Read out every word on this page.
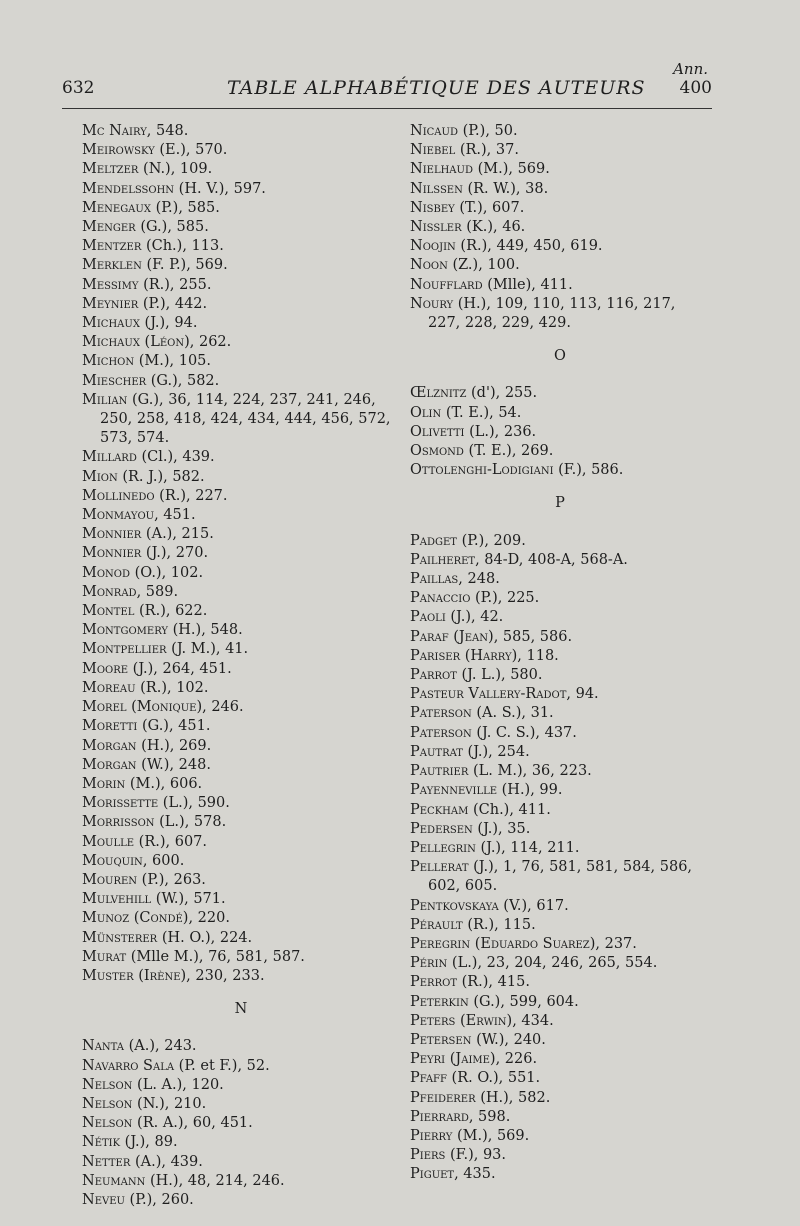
632	TABLE ALPHABÉTIQUE DES AUTEURS
Ann.
400
Mc Nairy, 548.
Meirowsky (E.), 570.
Meltzer (N.), 109.
Mendelssohn (H. V.), 597.
Menegaux (P.), 585.
Menger (G.), 585.
Mentzer (Ch.), 113.
Merklen (F. P.), 569.
Messimy (R.), 255.
Meynier (P.), 442.
Michaux (J.), 94.
Michaux (Léon), 262.
Michon (M.), 105.
Miescher (G.), 582.
Milian (G.), 36, 114, 224, 237, 241, 246, 250, 258, 418, 424, 434, 444, 456, 572, 573, 574.
Millard (Cl.), 439.
Mion (R. J.), 582.
Mollinedo (R.), 227.
Monmayou, 451.
Monnier (A.), 215.
Monnier (J.), 270.
Monod (O.), 102.
Monrad, 589.
Montel (R.), 622.
Montgomery (H.), 548.
Montpellier (J. M.), 41.
Moore (J.), 264, 451.
Moreau (R.), 102.
Morel (Monique), 246.
Moretti (G.), 451.
Morgan (H.), 269.
Morgan (W.), 248.
Morin (M.), 606.
Morissette (L.), 590.
Morrisson (L.), 578.
Moulle (R.), 607.
Mouquin, 600.
Mouren (P.), 263.
Mulvehill (W.), 571.
Munoz (Condé), 220.
Münsterer (H. O.), 224.
Murat (Mlle M.), 76, 581, 587.
Muster (Irène), 230, 233.
N
Nanta (A.), 243.
Navarro Sala (P. et F.), 52.
Nelson (L. A.), 120.
Nelson (N.), 210.
Nelson (R. A.), 60, 451.
Nétik (J.), 89.
Netter (A.), 439.
Neumann (H.), 48, 214, 246.
Neveu (P.), 260.
Nicaud (P.), 50.
Niebel (R.), 37.
Nielhaud (M.), 569.
Nilssen (R. W.), 38.
Nisbey (T.), 607.
Nissler (K.), 46.
Noojin (R.), 449, 450, 619.
Noon (Z.), 100.
Noufflard (Mlle), 411.
Noury (H.), 109, 110, 113, 116, 217, 227, 228, 229, 429.
O
Œlznitz (d'), 255.
Olin (T. E.), 54.
Olivetti (L.), 236.
Osmond (T. E.), 269.
Ottolenghi-Lodigiani (F.), 586.
P
Padget (P.), 209.
Pailheret, 84-D, 408-A, 568-A.
Paillas, 248.
Panaccio (P.), 225.
Paoli (J.), 42.
Paraf (Jean), 585, 586.
Pariser (Harry), 118.
Parrot (J. L.), 580.
Pasteur Vallery-Radot, 94.
Paterson (A. S.), 31.
Paterson (J. C. S.), 437.
Pautrat (J.), 254.
Pautrier (L. M.), 36, 223.
Payenneville (H.), 99.
Peckham (Ch.), 411.
Pedersen (J.), 35.
Pellegrin (J.), 114, 211.
Pellerat (J.), 1, 76, 581, 581, 584, 586, 602, 605.
Pentkovskaya (V.), 617.
Pérault (R.), 115.
Peregrin (Eduardo Suarez), 237.
Périn (L.), 23, 204, 246, 265, 554.
Perrot (R.), 415.
Peterkin (G.), 599, 604.
Peters (Erwin), 434.
Petersen (W.), 240.
Peyri (Jaime), 226.
Pfaff (R. O.), 551.
Pfeiderer (H.), 582.
Pierrard, 598.
Pierry (M.), 569.
Piers (F.), 93.
Piguet, 435.
